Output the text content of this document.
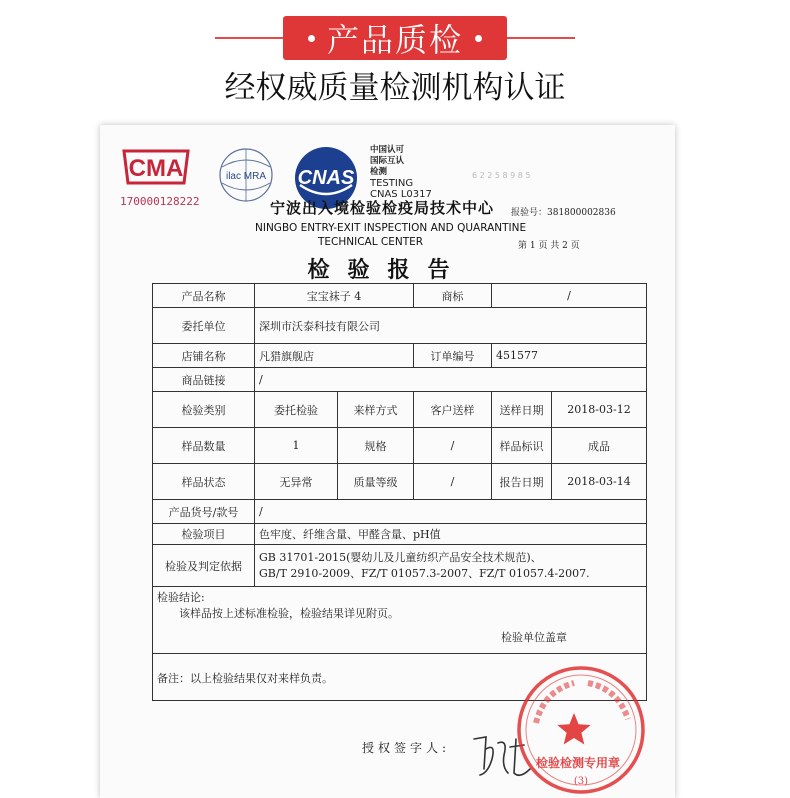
产品质检
经权威质量检测机构认证
CMA
170000128222
ilac MRA CNAS
中国认可
国际互认
检测
TESTING
CNAS L0317
6 2 2 5 8 9 8 5
宁波出入境检验检疫局技术中心 报验号：381800002836
NINGBO ENTRY-EXIT INSPECTION AND QUARANTINE
TECHNICAL CENTER	第 1 页 共 2 页
检验报告
产品名称	宝宝袜子 4		商标	/	
委托单位	深圳市沃泰科技有限公司				
店铺名称	凡猎旗舰店		订单编号	451577	
商品链接	/				
检验类别	委托检验	来样方式	客户送样	送样日期	2018-03-12
样品数量	1	规格	/	样品标识	成品
样品状态	无异常	质量等级	/	报告日期	2018-03-14
产品货号/款号	/				
检验项目	色牢度、纤维含量、甲醛含量、pH值				
检验及判定依据	GB 31701-2015(婴幼儿及儿童纺织产品安全技术规范)、
GB/T 2910-2009、FZ/T 01057.3-2007、FZ/T 01057.4-2007.				

检验结论:
该样品按上述标准检验，检验结果详见附页。
检验单位盖章					

备注：以上检验结果仅对来样负责。					
授权签字人:
检验检测专用章
(3)
